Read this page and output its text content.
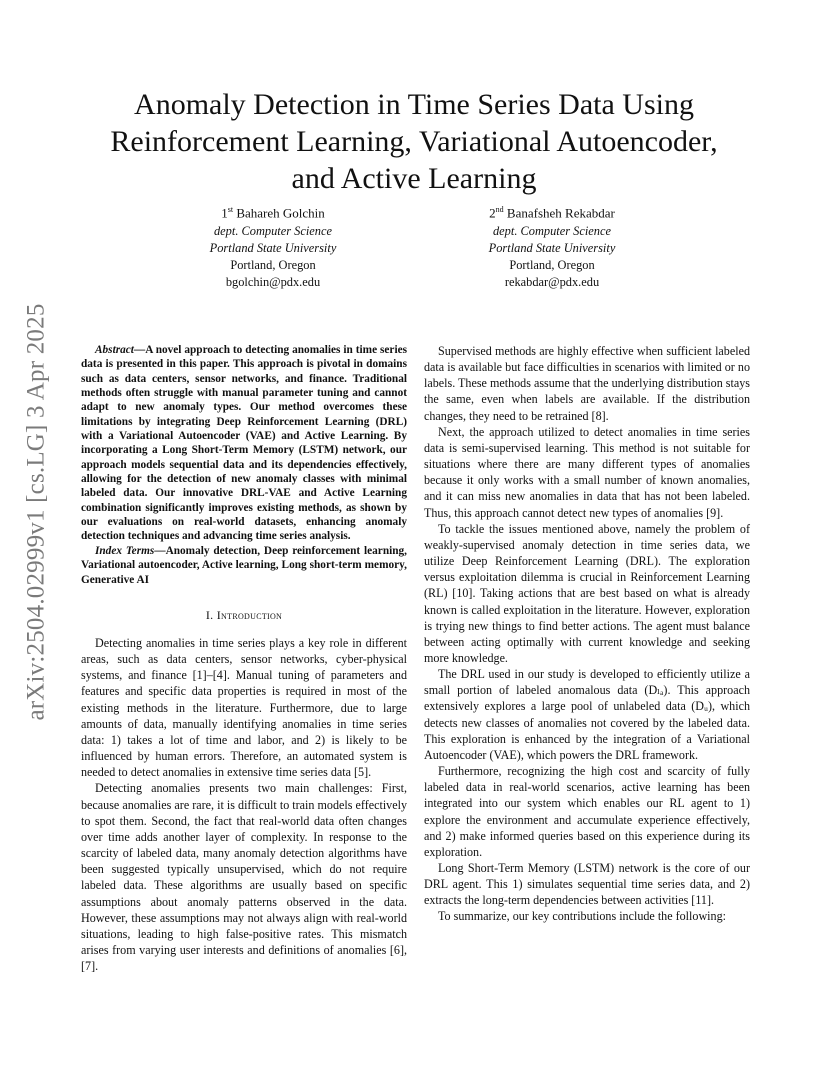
Anomaly Detection in Time Series Data Using
Reinforcement Learning, Variational Autoencoder,
and Active Learning
1st Bahareh Golchin
dept. Computer Science
Portland State University
Portland, Oregon
bgolchin@pdx.edu
2nd Banafsheh Rekabdar
dept. Computer Science
Portland State University
Portland, Oregon
rekabdar@pdx.edu
arXiv:2504.02999v1 [cs.LG] 3 Apr 2025	Abstract—A novel approach to detecting anomalies in time series data is presented in this paper. This approach is pivotal in domains such as data centers, sensor networks, and finance. Traditional methods often struggle with manual parameter tuning and cannot adapt to new anomaly types. Our method overcomes these limitations by integrating Deep Reinforcement Learning (DRL) with a Variational Autoencoder (VAE) and Active Learning. By incorporating a Long Short-Term Memory (LSTM) network, our approach models sequential data and its dependencies effectively, allowing for the detection of new anomaly classes with minimal labeled data. Our innovative DRL-VAE and Active Learning combination significantly improves existing methods, as shown by our evaluations on real-world datasets, enhancing anomaly detection techniques and advancing time series analysis.

Index Terms—Anomaly detection, Deep reinforcement learning, Variational autoencoder, Active learning, Long short-term memory, Generative AI

I. Introduction

Detecting anomalies in time series plays a key role in different areas, such as data centers, sensor networks, cyber-physical systems, and finance [1]–[4]. Manual tuning of parameters and features and specific data properties is required in most of the existing methods in the literature. Furthermore, due to large amounts of data, manually identifying anomalies in time series data: 1) takes a lot of time and labor, and 2) is likely to be influenced by human errors. Therefore, an automated system is needed to detect anomalies in extensive time series data [5].

Detecting anomalies presents two main challenges: First, because anomalies are rare, it is difficult to train models effectively to spot them. Second, the fact that real-world data often changes over time adds another layer of complexity. In response to the scarcity of labeled data, many anomaly detection algorithms have been suggested typically unsupervised, which do not require labeled data. These algorithms are usually based on specific assumptions about anomaly patterns observed in the data. However, these assumptions may not always align with real-world situations, leading to high false-positive rates. This mismatch arises from varying user interests and definitions of anomalies [6], [7].

Supervised methods are highly effective when sufficient labeled data is available but face difficulties in scenarios with limited or no labels. These methods assume that the underlying distribution stays the same, even when labels are available. If the distribution changes, they need to be retrained [8].

Next, the approach utilized to detect anomalies in time series data is semi-supervised learning. This method is not suitable for situations where there are many different types of anomalies because it only works with a small number of known anomalies, and it can miss new anomalies in data that has not been labeled. Thus, this approach cannot detect new types of anomalies [9].

To tackle the issues mentioned above, namely the problem of weakly-supervised anomaly detection in time series data, we utilize Deep Reinforcement Learning (DRL). The exploration versus exploitation dilemma is crucial in Reinforcement Learning (RL) [10]. Taking actions that are best based on what is already known is called exploitation in the literature. However, exploration is trying new things to find better actions. The agent must balance between acting optimally with current knowledge and seeking more knowledge.

The DRL used in our study is developed to efficiently utilize a small portion of labeled anomalous data (Dₗₐ). This approach extensively explores a large pool of unlabeled data (Dᵤ), which detects new classes of anomalies not covered by the labeled data. This exploration is enhanced by the integration of a Variational Autoencoder (VAE), which powers the DRL framework.

Furthermore, recognizing the high cost and scarcity of fully labeled data in real-world scenarios, active learning has been integrated into our system which enables our RL agent to 1) explore the environment and accumulate experience effectively, and 2) make informed queries based on this experience during its exploration.

Long Short-Term Memory (LSTM) network is the core of our DRL agent. This 1) simulates sequential time series data, and 2) extracts the long-term dependencies between activities [11].

To summarize, our key contributions include the following:
